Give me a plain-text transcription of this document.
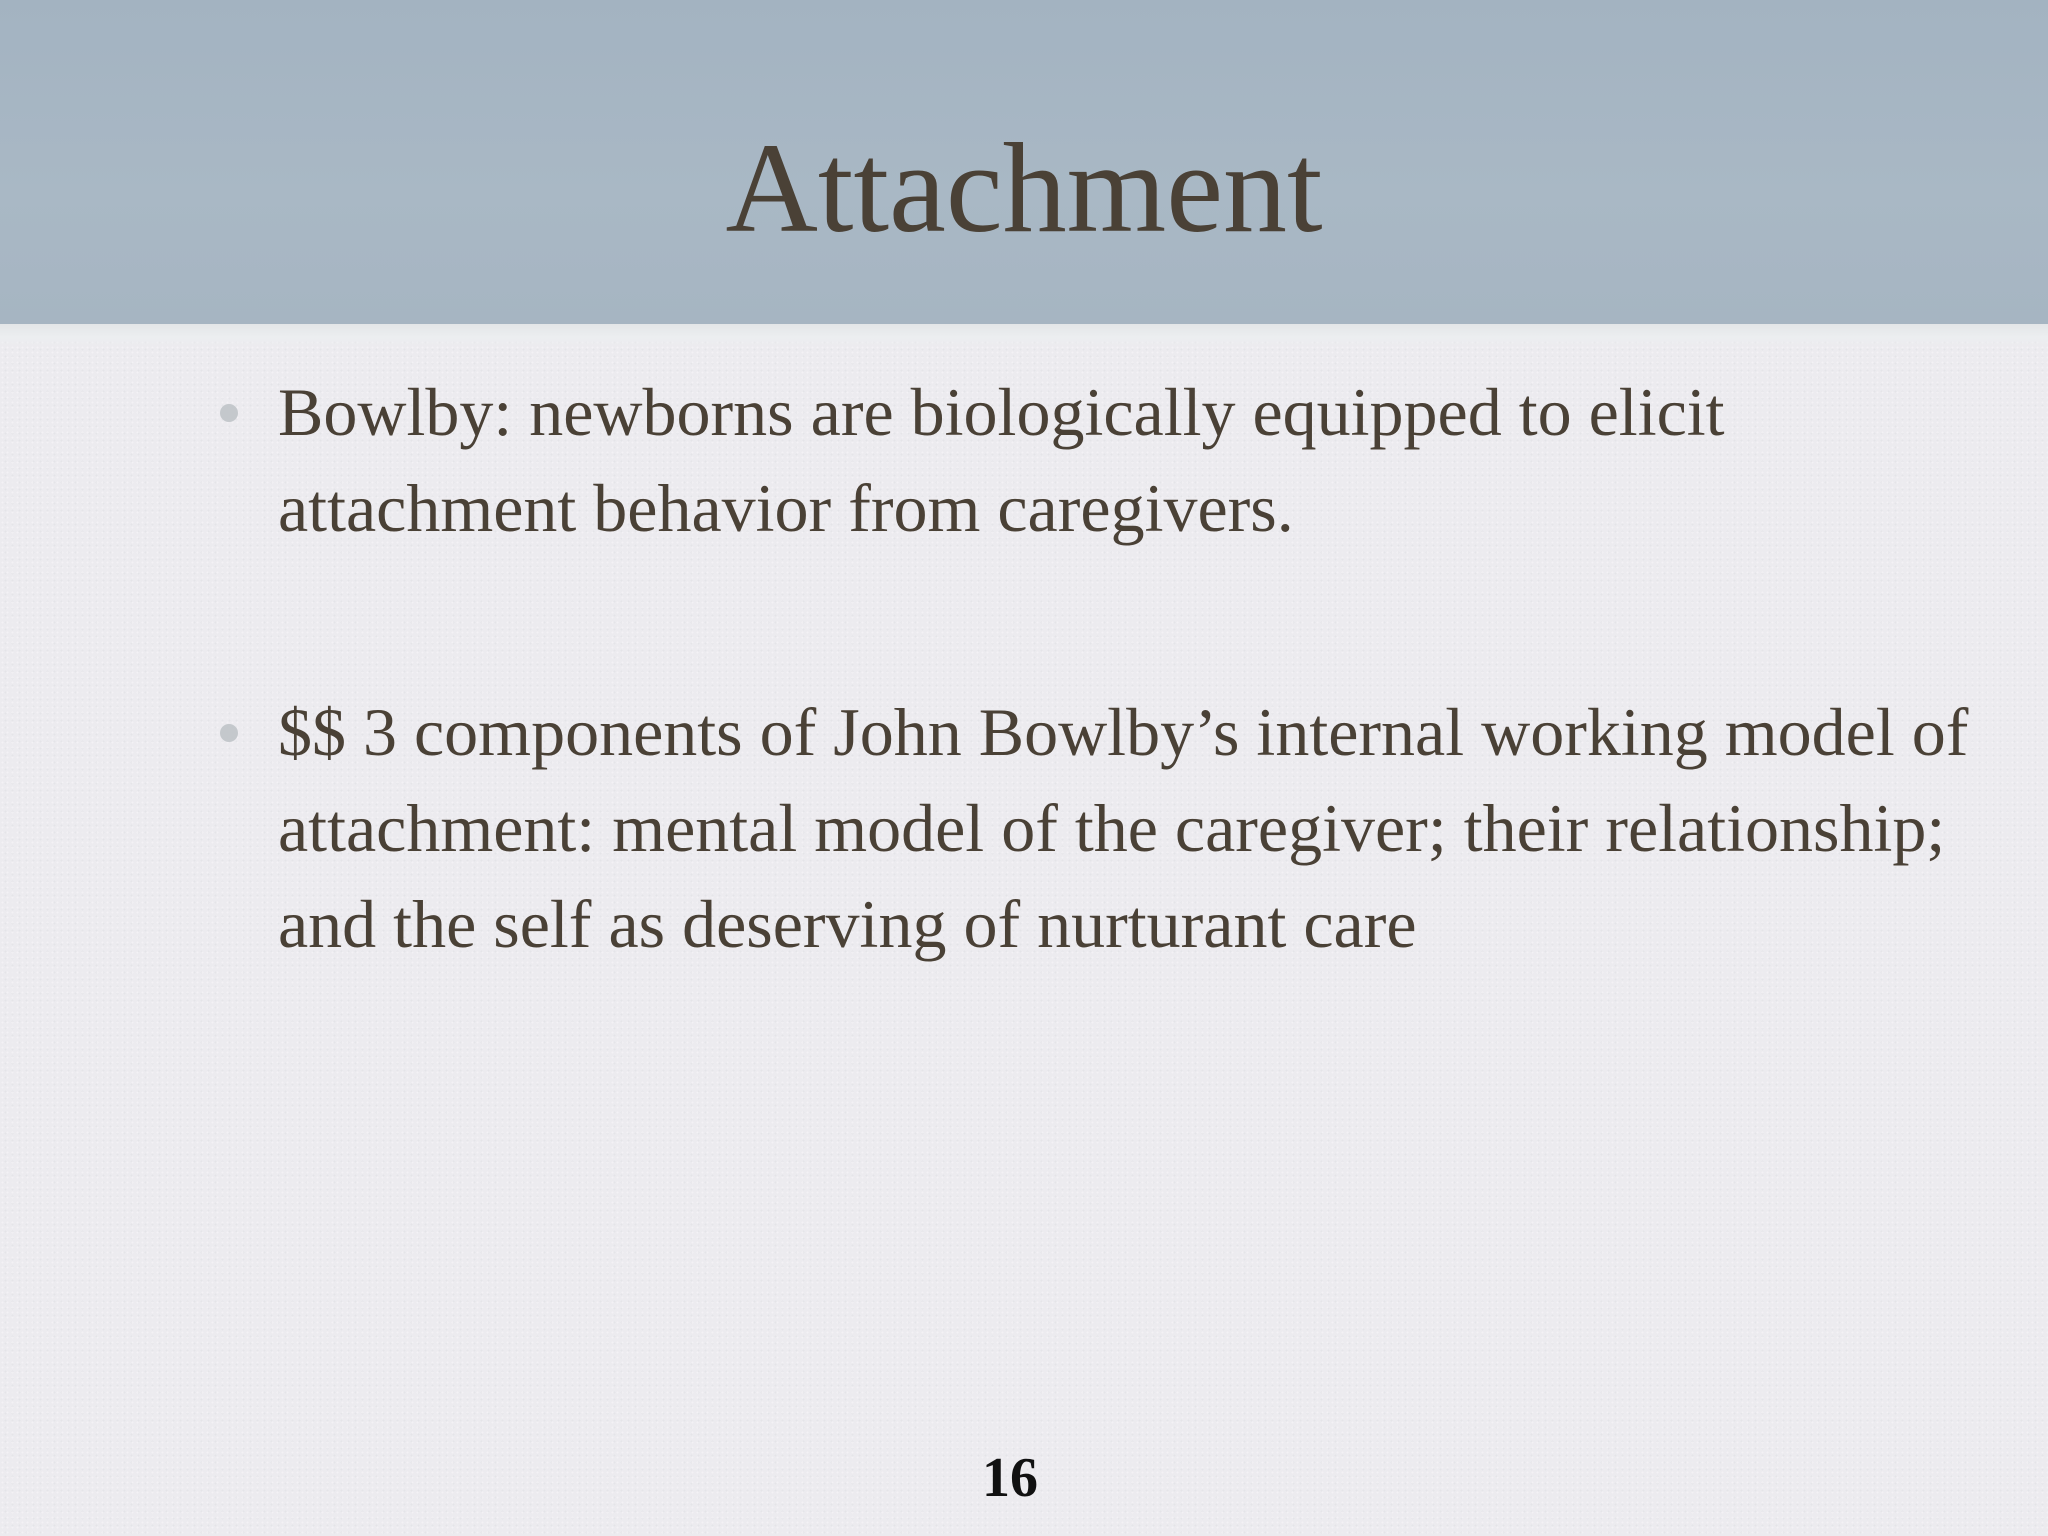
Attachment
Bowlby: newborns are biologically equipped to elicit attachment behavior from caregivers.
$$ 3 components of John Bowlby’s internal working model of attachment: mental model of the caregiver; their relationship; and the self as deserving of nurturant care
16
